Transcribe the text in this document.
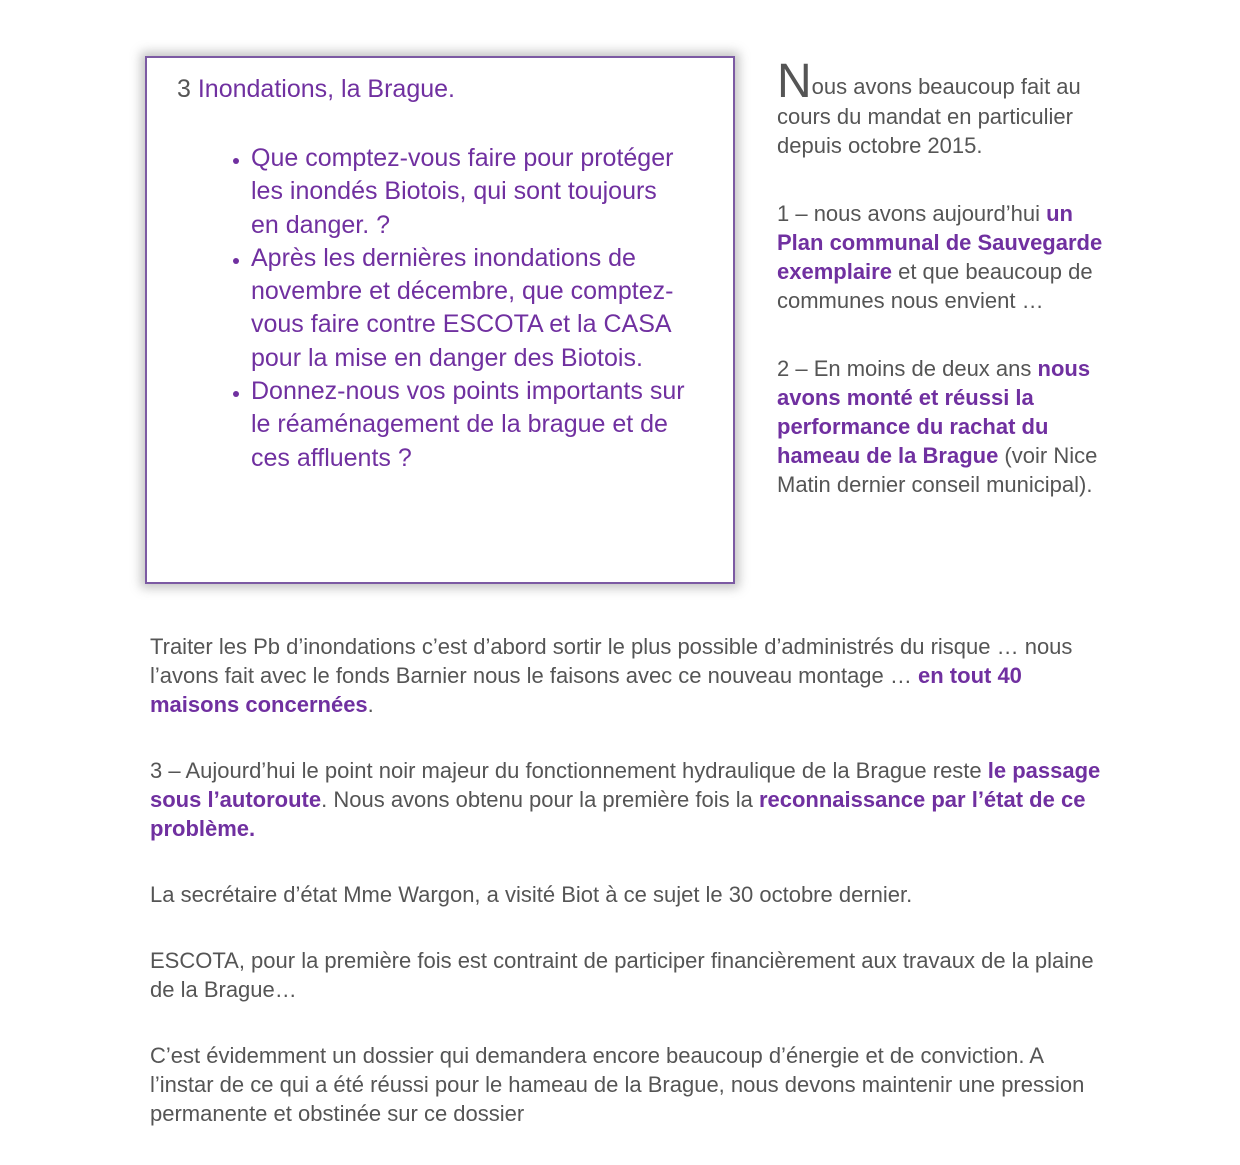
3 Inondations, la Brague.
• Que comptez-vous faire pour protéger les inondés Biotois, qui sont toujours en danger. ?
• Après les dernières inondations de novembre et décembre, que comptez-vous faire contre ESCOTA et la CASA pour la mise en danger des Biotois.
• Donnez-nous vos points importants sur le réaménagement de la brague et de ces affluents ?

Nous avons beaucoup fait au cours du mandat en particulier depuis octobre 2015.

1 – nous avons aujourd’hui un Plan communal de Sauvegarde exemplaire et que beaucoup de communes nous envient …

2 – En moins de deux ans nous avons monté et réussi la performance du rachat du hameau de la Brague (voir Nice Matin dernier conseil municipal).

Traiter les Pb d’inondations c’est d’abord sortir le plus possible d’administrés du risque … nous l’avons fait avec le fonds Barnier nous le faisons avec ce nouveau montage … en tout 40 maisons concernées.

3 – Aujourd’hui le point noir majeur du fonctionnement hydraulique de la Brague reste le passage sous l’autoroute. Nous avons obtenu pour la première fois la reconnaissance par l’état de ce problème.

La secrétaire d’état Mme Wargon, a visité Biot à ce sujet le 30 octobre dernier.

ESCOTA, pour la première fois est contraint de participer financièrement aux travaux de la plaine de la Brague…

C’est évidemment un dossier qui demandera encore beaucoup d’énergie et de conviction. A l’instar de ce qui a été réussi pour le hameau de la Brague, nous devons maintenir une pression permanente et obstinée sur ce dossier
